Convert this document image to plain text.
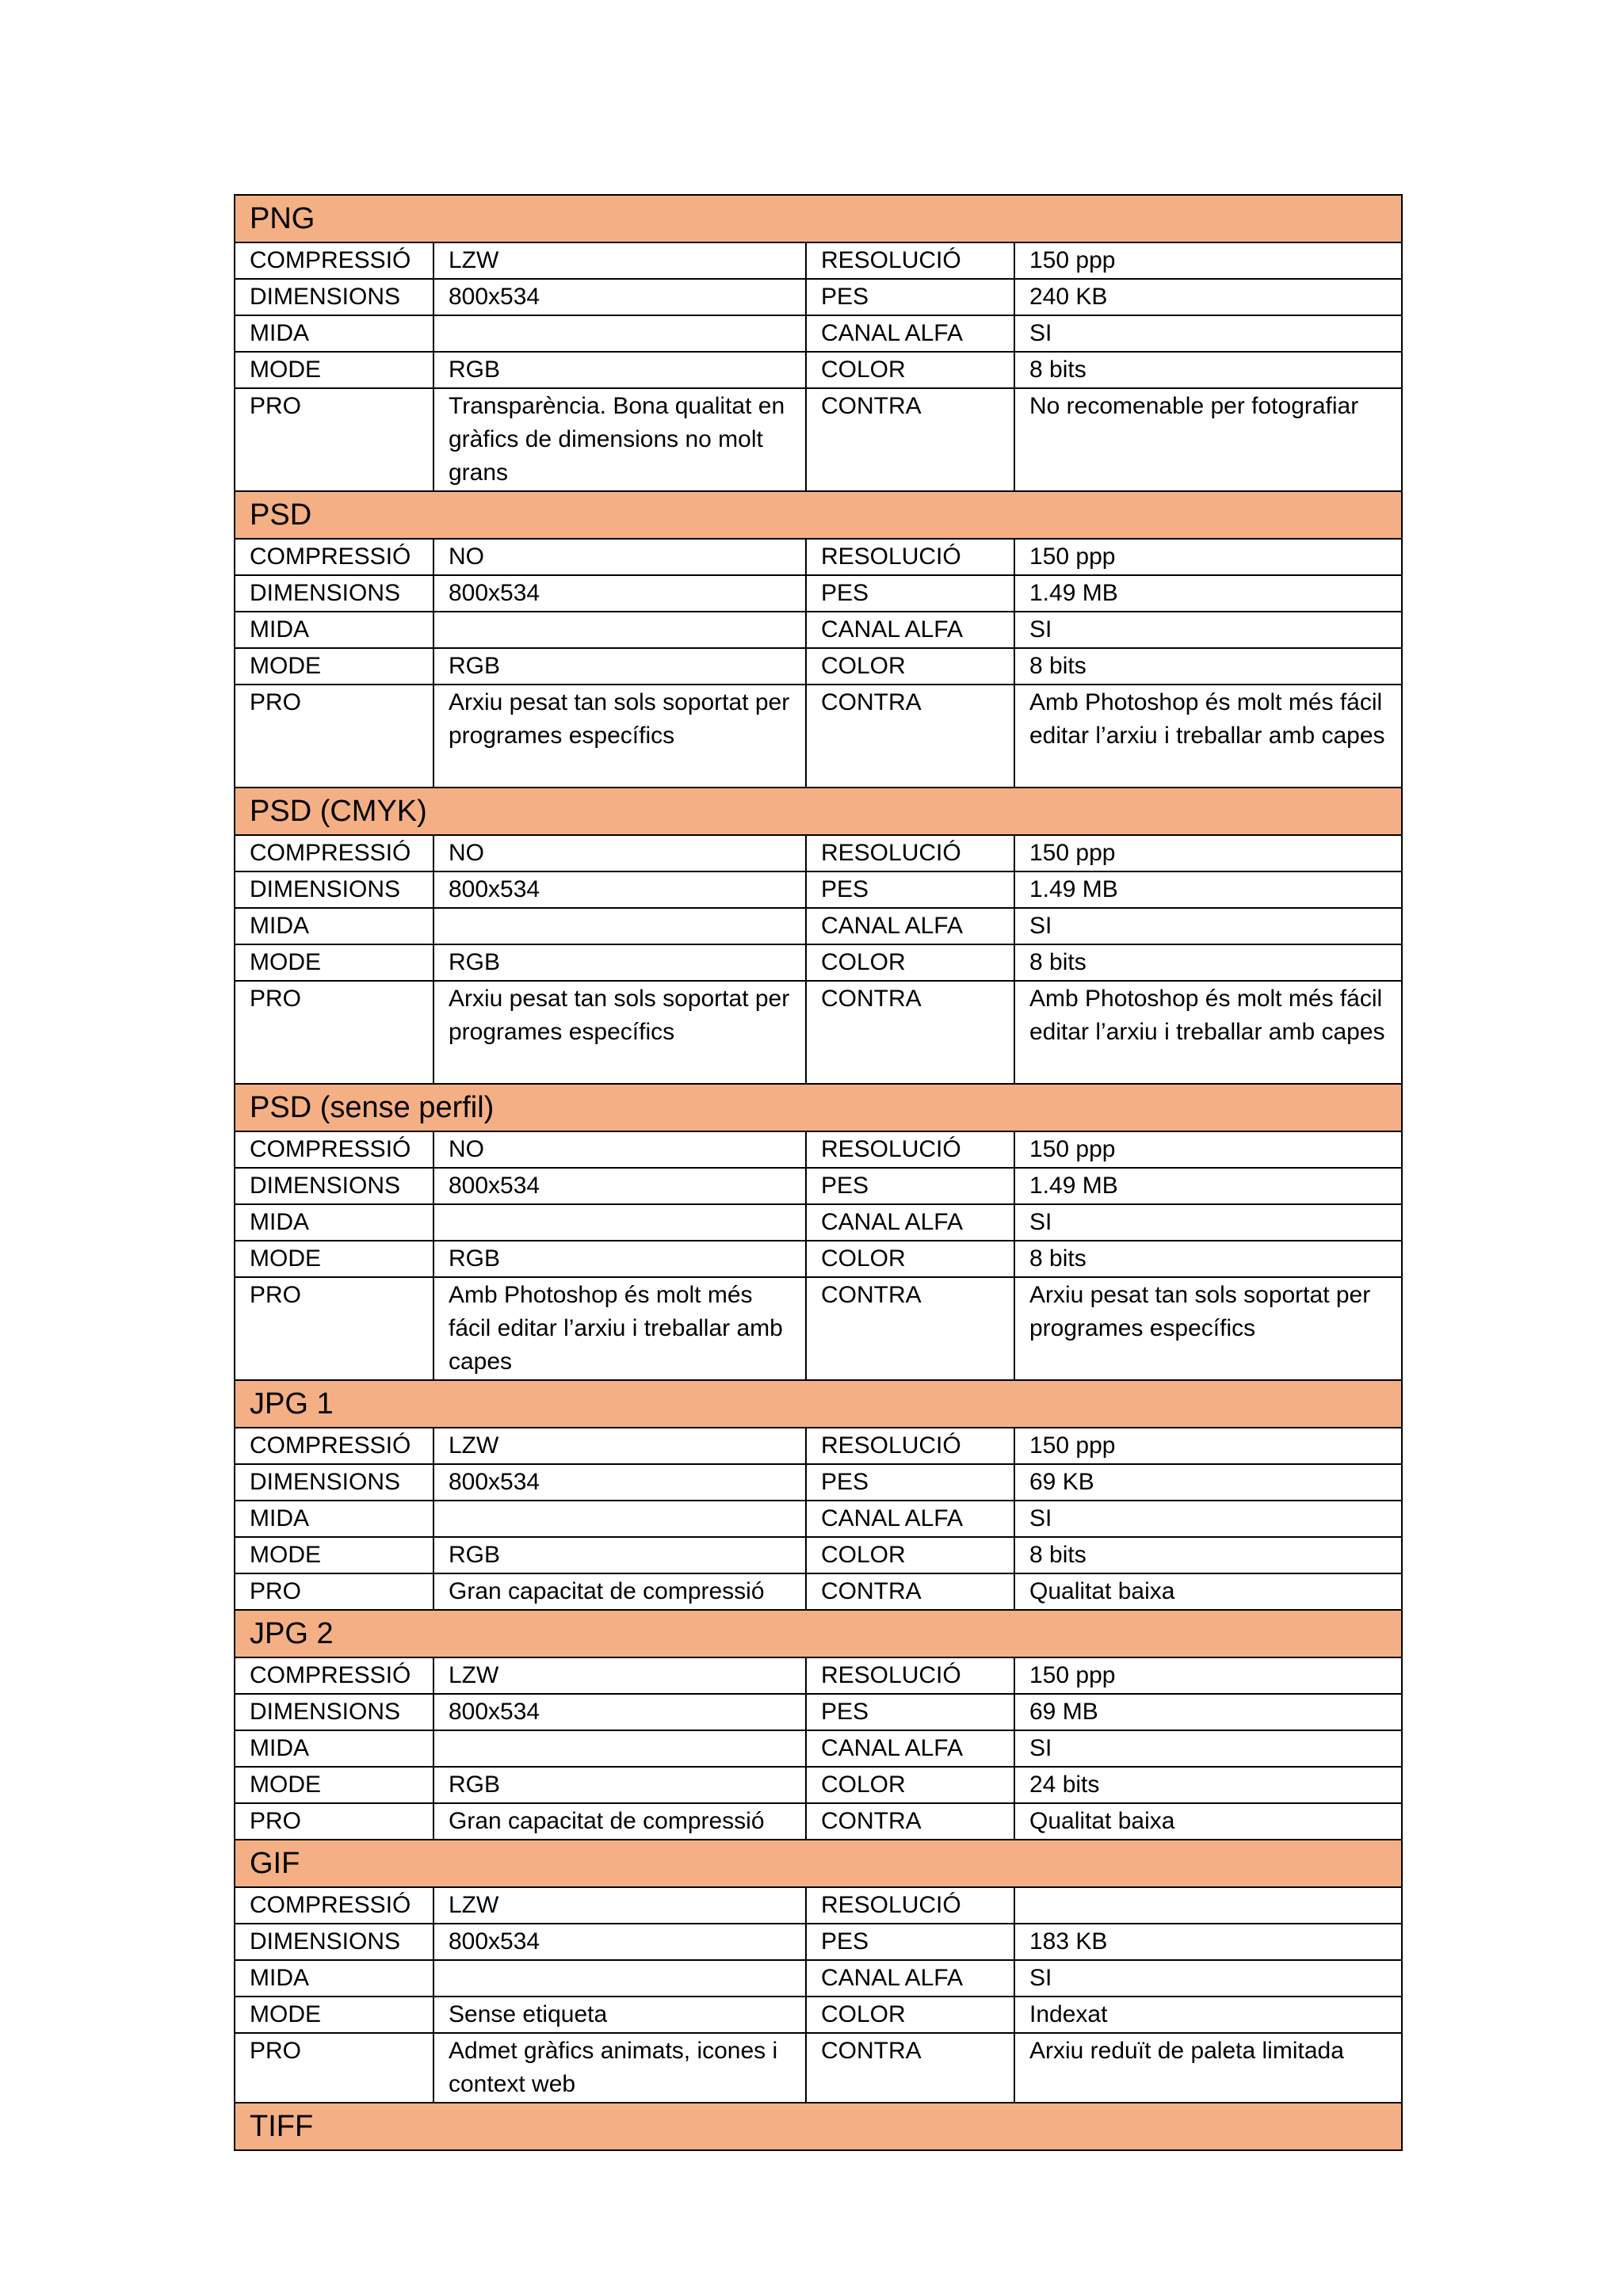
PNG			
COMPRESSIÓ	LZW	RESOLUCIÓ	150 ppp
DIMENSIONS	800x534	PES	240 KB
MIDA		CANAL ALFA	SI
MODE	RGB	COLOR	8 bits
PRO	Transparència. Bona qualitat en gràfics de dimensions no molt grans	CONTRA	No recomenable per fotografiar
PSD			
COMPRESSIÓ	NO	RESOLUCIÓ	150 ppp
DIMENSIONS	800x534	PES	1.49 MB
MIDA		CANAL ALFA	SI
MODE	RGB	COLOR	8 bits
PRO	Arxiu pesat tan sols soportat per programes específics	CONTRA	Amb Photoshop és molt més fácil editar l’arxiu i treballar amb capes
PSD (CMYK)			
COMPRESSIÓ	NO	RESOLUCIÓ	150 ppp
DIMENSIONS	800x534	PES	1.49 MB
MIDA		CANAL ALFA	SI
MODE	RGB	COLOR	8 bits
PRO	Arxiu pesat tan sols soportat per programes específics	CONTRA	Amb Photoshop és molt més fácil editar l’arxiu i treballar amb capes
PSD (sense perfil)			
COMPRESSIÓ	NO	RESOLUCIÓ	150 ppp
DIMENSIONS	800x534	PES	1.49 MB
MIDA		CANAL ALFA	SI
MODE	RGB	COLOR	8 bits
PRO	Amb Photoshop és molt més fácil editar l’arxiu i treballar amb capes	CONTRA	Arxiu pesat tan sols soportat per programes específics
JPG 1			
COMPRESSIÓ	LZW	RESOLUCIÓ	150 ppp
DIMENSIONS	800x534	PES	69 KB
MIDA		CANAL ALFA	SI
MODE	RGB	COLOR	8 bits
PRO	Gran capacitat de compressió	CONTRA	Qualitat baixa
JPG 2			
COMPRESSIÓ	LZW	RESOLUCIÓ	150 ppp
DIMENSIONS	800x534	PES	69 MB
MIDA		CANAL ALFA	SI
MODE	RGB	COLOR	24 bits
PRO	Gran capacitat de compressió	CONTRA	Qualitat baixa
GIF			
COMPRESSIÓ	LZW	RESOLUCIÓ	
DIMENSIONS	800x534	PES	183 KB
MIDA		CANAL ALFA	SI
MODE	Sense etiqueta	COLOR	Indexat
PRO	Admet gràfics animats, icones i context web	CONTRA	Arxiu reduït de paleta limitada
TIFF			
